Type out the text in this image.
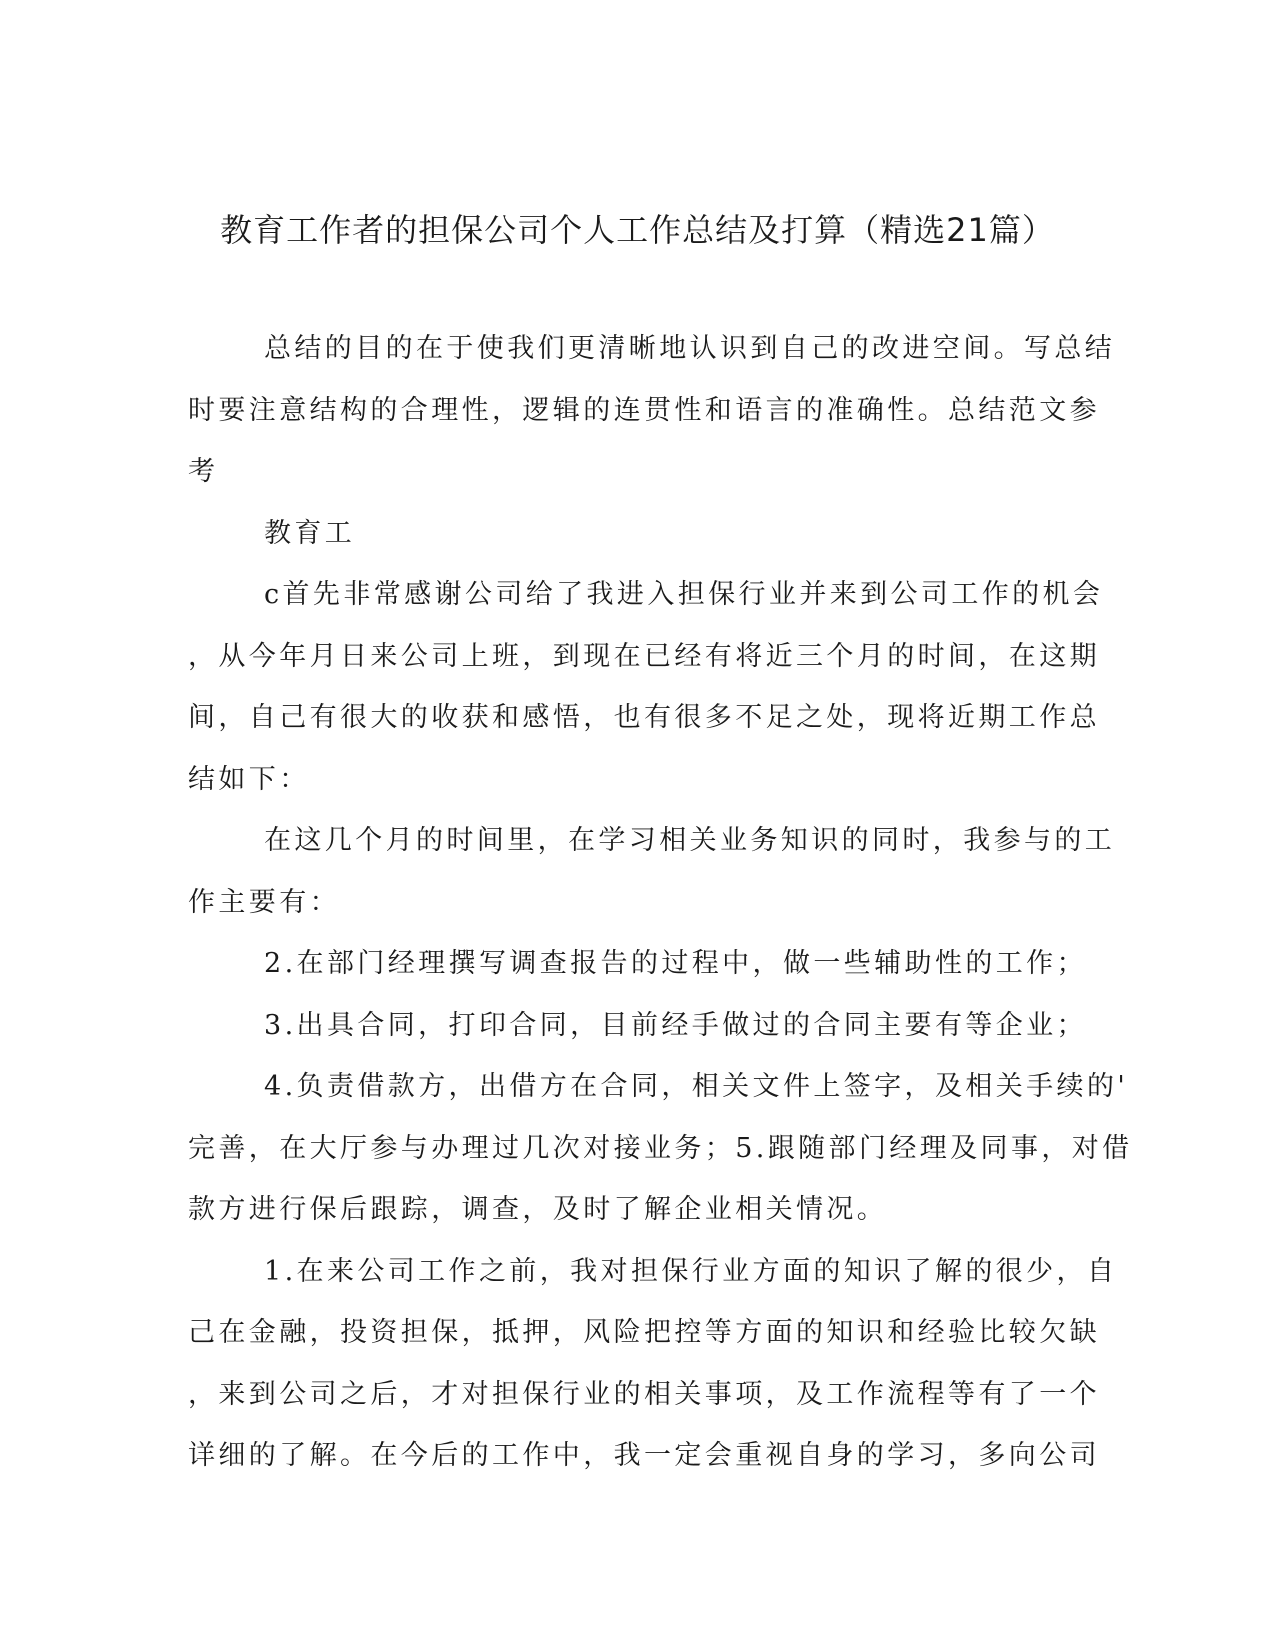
教育工作者的担保公司个人工作总结及打算（精选21篇）
总结的目的在于使我们更清晰地认识到自己的改进空间。写总结
时要注意结构的合理性，逻辑的连贯性和语言的准确性。总结范文参
考
教育工
c首先非常感谢公司给了我进入担保行业并来到公司工作的机会
，从今年月日来公司上班，到现在已经有将近三个月的时间，在这期
间，自己有很大的收获和感悟，也有很多不足之处，现将近期工作总
结如下：
在这几个月的时间里，在学习相关业务知识的同时，我参与的工
作主要有：
2.在部门经理撰写调查报告的过程中，做一些辅助性的工作；
3.出具合同，打印合同，目前经手做过的合同主要有等企业；
4.负责借款方，出借方在合同，相关文件上签字，及相关手续的'
完善，在大厅参与办理过几次对接业务；5.跟随部门经理及同事，对借
款方进行保后跟踪，调查，及时了解企业相关情况。
1.在来公司工作之前，我对担保行业方面的知识了解的很少，自
己在金融，投资担保，抵押，风险把控等方面的知识和经验比较欠缺
，来到公司之后，才对担保行业的相关事项，及工作流程等有了一个
详细的了解。在今后的工作中，我一定会重视自身的学习，多向公司
